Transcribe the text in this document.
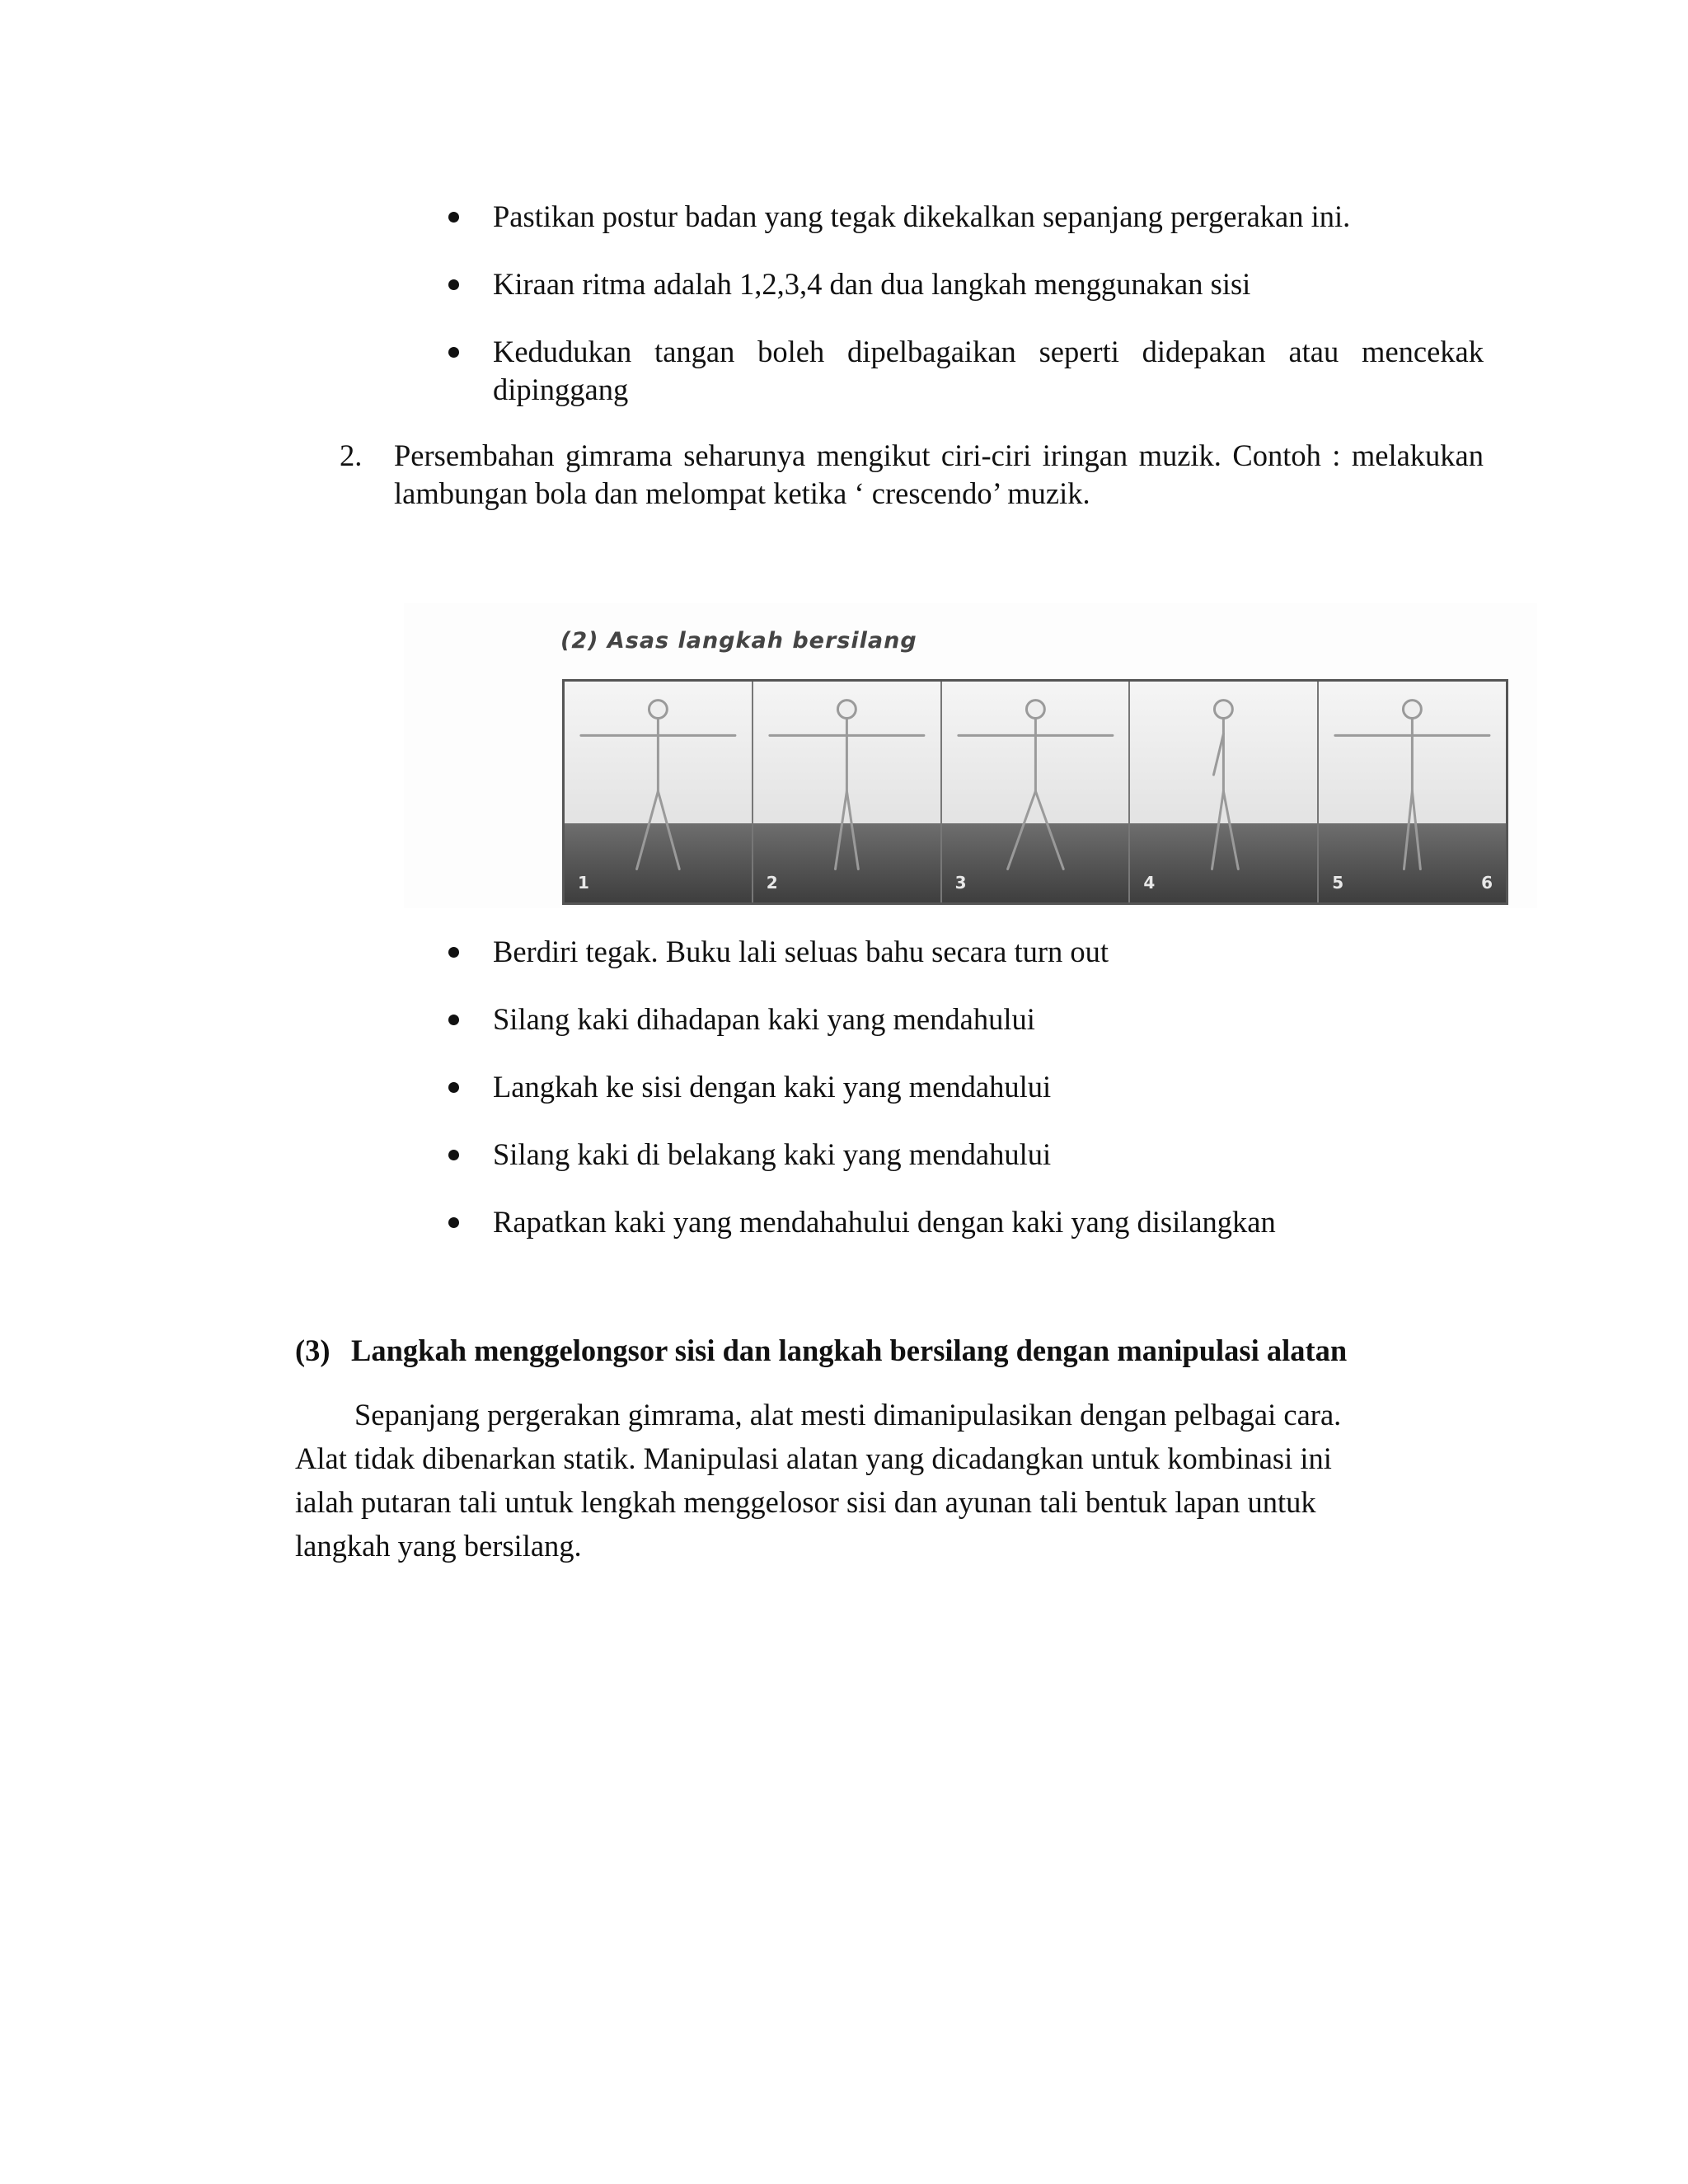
Pastikan postur badan yang tegak dikekalkan sepanjang pergerakan ini.
Kiraan ritma adalah 1,2,3,4 dan dua langkah menggunakan sisi
Kedudukan tangan boleh dipelbagaikan seperti didepakan atau mencekak dipinggang
2. Persembahan gimrama seharunya mengikut ciri-ciri iringan muzik. Contoh : melakukan lambungan bola dan melompat ketika ‘ crescendo’ muzik.
(2) Asas langkah bersilang
1	2	3	4	5	6
Berdiri tegak. Buku lali seluas bahu secara turn out
Silang kaki dihadapan kaki yang mendahului
Langkah ke sisi dengan kaki yang mendahului
Silang kaki di belakang kaki yang mendahului
Rapatkan kaki yang mendahahului dengan kaki yang disilangkan
(3) Langkah menggelongsor sisi dan langkah bersilang dengan manipulasi alatan
Sepanjang pergerakan gimrama, alat mesti dimanipulasikan dengan pelbagai cara.
Alat tidak dibenarkan statik. Manipulasi alatan yang dicadangkan untuk kombinasi ini
ialah putaran tali untuk lengkah menggelosor sisi dan ayunan tali bentuk lapan untuk
langkah yang bersilang.
